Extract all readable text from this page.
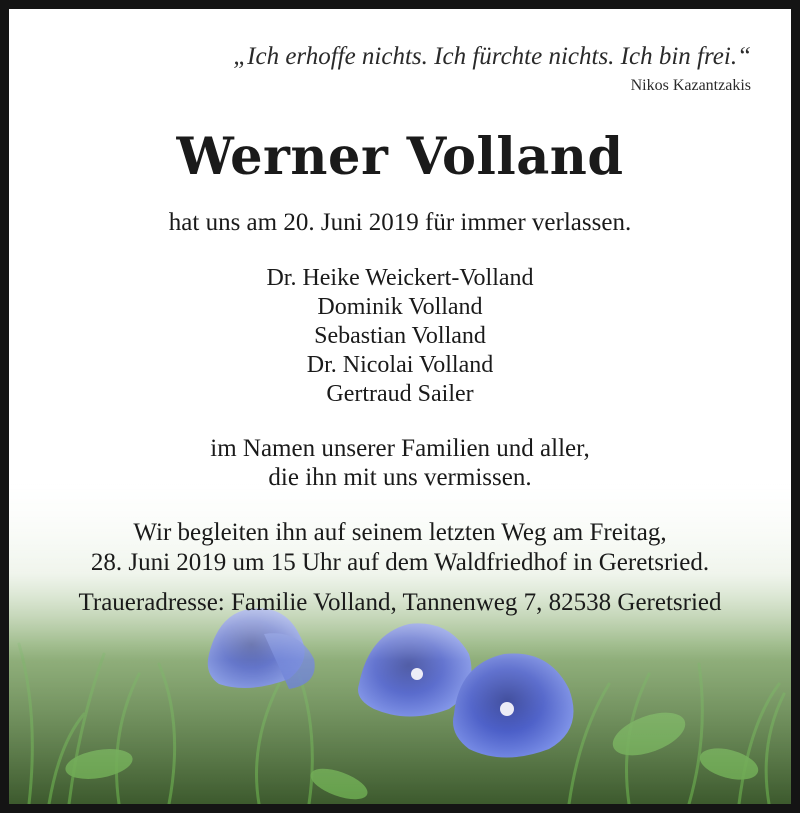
„Ich erhoffe nichts. Ich fürchte nichts. Ich bin frei.“
Nikos Kazantzakis
Werner Volland
hat uns am 20. Juni 2019 für immer verlassen.
Dr. Heike Weickert-Volland
Dominik Volland
Sebastian Volland
Dr. Nicolai Volland
Gertraud Sailer
im Namen unserer Familien und aller,
die ihn mit uns vermissen.
Wir begleiten ihn auf seinem letzten Weg am Freitag,
28. Juni 2019 um 15 Uhr auf dem Waldfriedhof in Geretsried.
Traueradresse: Familie Volland, Tannenweg 7, 82538 Geretsried
